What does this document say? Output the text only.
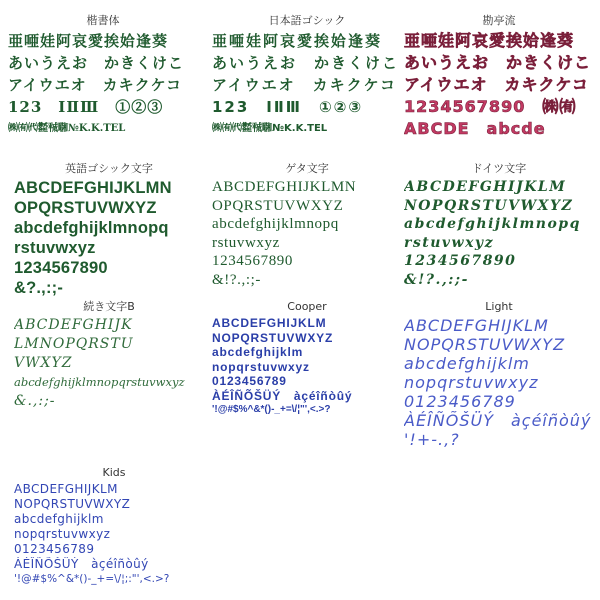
楷書体
亜唖娃阿哀愛挨姶逢葵
あいうえお　かきくけこ
アイウエオ　カキクケコ
123　ⅠⅡⅢ　①②③
㈱㈲㈹㍿㍻㍼№K.K.TEL
日本語ゴシック
亜唖娃阿哀愛挨姶逢葵
あいうえお　かきくけこ
アイウエオ　カキクケコ
123　ⅠⅡⅢ　①②③
㈱㈲㈹㍿㍻㍼№K.K.TEL
勘亭流
亜唖娃阿哀愛挨姶逢葵
あいうえお　かきくけこ
アイウエオ　カキクケコ
1234567890　㈱㈲
ABCDE　abcde
英語ゴシック文字
ABCDEFGHIJKLMN
OPQRSTUVWXYZ
abcdefghijklmnopq
rstuvwxyz
1234567890
&?.,:;-
ゲタ文字
ABCDEFGHIJKLMN
OPQRSTUVWXYZ
abcdefghijklmnopq
rstuvwxyz
1234567890
&!?.,:;-
ドイツ文字
ABCDEFGHIJKLM
NOPQRSTUVWXYZ
abcdefghijklmnopq
rstuvwxyz
1234567890
&!?.,:;-
続き文字B
ABCDEFGHIJK
LMNOPQRSTU
VWXYZ
abcdefghijklmnopqrstuvwxyz
&.,:;-
Cooper
ABCDEFGHIJKLM
NOPQRSTUVWXYZ
abcdefghijklm
nopqrstuvwxyz
0123456789
ÀÉÎÑÕŠÜÝ　àçéîñòûý
'!@#$%^&*()-_+=\/¦"',<.>?
Light
ABCDEFGHIJKLM
NOPQRSTUVWXYZ
abcdefghijklm
nopqrstuvwxyz
0123456789
ÀÉÎÑÕŠÜÝ　àçéîñòûý
'!+-.,?
Kids
ABCDEFGHIJKLM
NOPQRSTUVWXYZ
abcdefghijklm
nopqrstuvwxyz
0123456789
ÀÉÎÑÕŠÜÝ　àçéîñòûý
'!@#$%^&*()-_+=\/¦;:"',<.>?
